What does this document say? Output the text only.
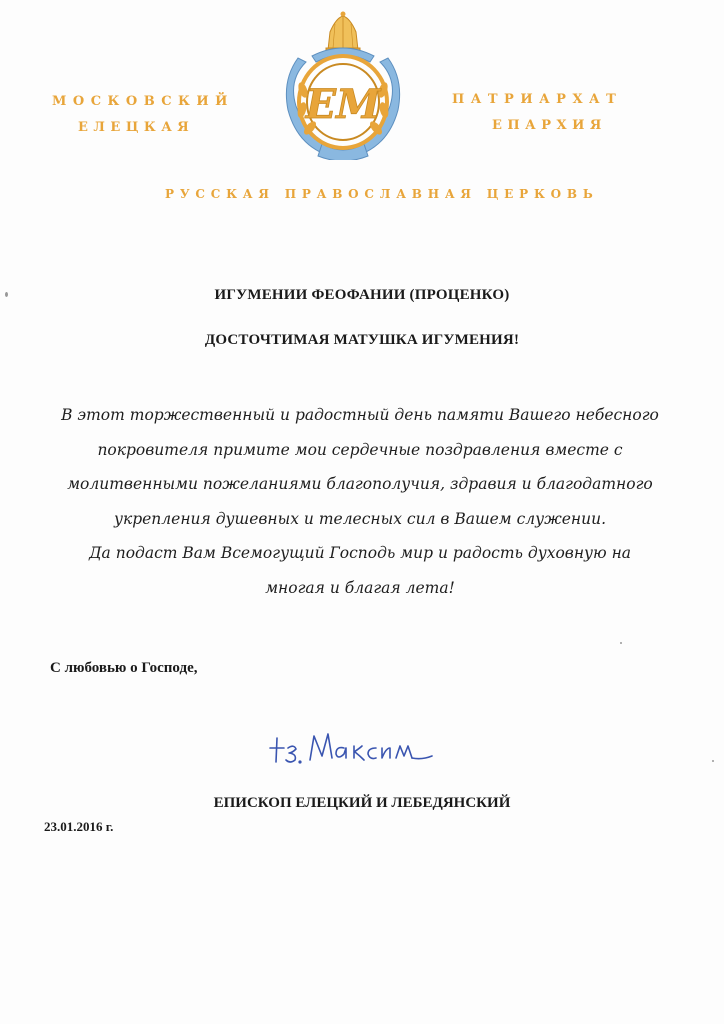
МОСКОВСКИЙ
ЕЛЕЦКАЯ
ПАТРИАРХАТ
ЕПАРХИЯ
РУССКАЯ ПРАВОСЛАВНАЯ ЦЕРКОВЬ
ЕМ
ИГУМЕНИИ ФЕОФАНИИ (ПРОЦЕНКО)
ДОСТОЧТИМАЯ МАТУШКА ИГУМЕНИЯ!
В этот торжественный и радостный день памяти Вашего небесного
покровителя примите мои сердечные поздравления вместе с
молитвенными пожеланиями благополучия, здравия и благодатного
укрепления душевных и телесных сил в Вашем служении.
Да подаст Вам Всемогущий Господь мир и радость духовную на
многая и благая лета!
С любовью о Господе,
ЕПИСКОП ЕЛЕЦКИЙ И ЛЕБЕДЯНСКИЙ
23.01.2016 г.
